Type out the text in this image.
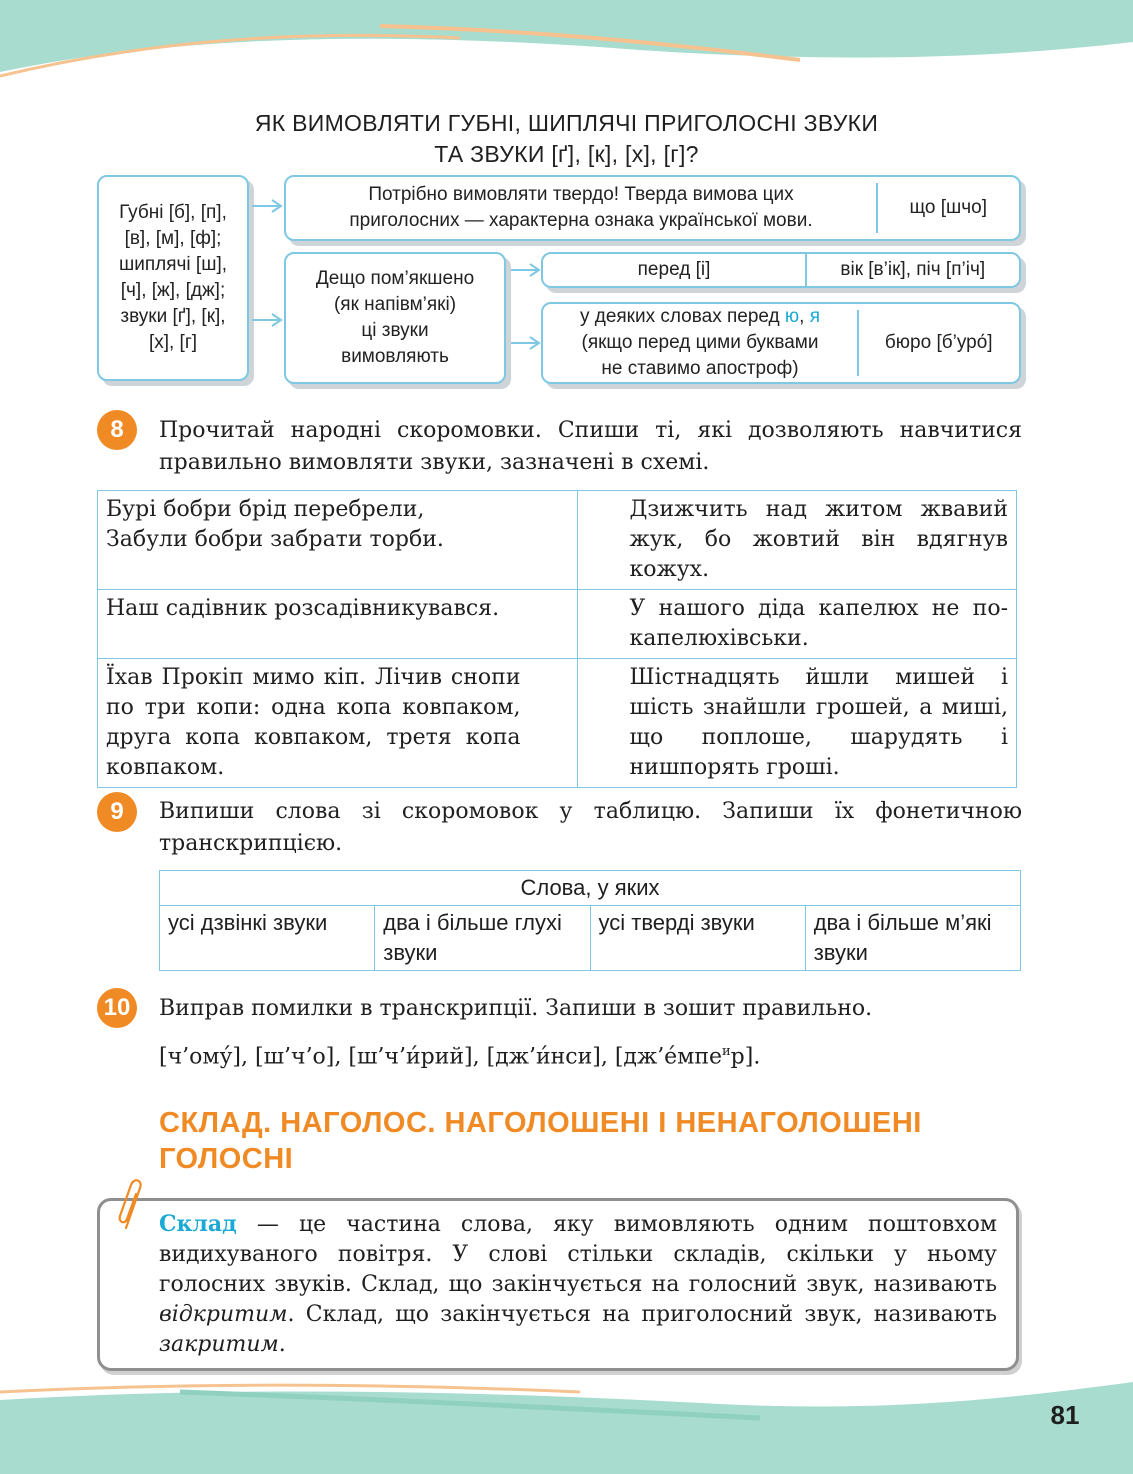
ЯК ВИМОВЛЯТИ ГУБНІ, ШИПЛЯЧІ ПРИГОЛОСНІ ЗВУКИ
ТА ЗВУКИ [ґ], [к], [х], [г]?
Губні [б], [п],
[в], [м], [ф];
шиплячі [ш],
[ч], [ж], [дж];
звуки [ґ], [к],
[х], [г]
Потрібно вимовляти твердо! Тверда вимова цих
приголосних — характерна ознака української мови.
що [шчо]
Дещо пом’якшено
(як напівм’які)
ці звуки
вимовляють
перед [і]	вік [в’ік], піч [п’іч]
у деяких словах перед ю, я
(якщо перед цими буквами
не ставимо апостроф)
бюро [б’уро́]
8	Прочитай народні скоромовки. Спиши ті, які дозволяють навчитися правильно вимовляти звуки, зазначені в схемі.
Бурі бобри брід перебрели,
Забули бобри забрати торби.	Дзижчить над житом жвавий жук, бо жовтий він вдягнув кожух.
Наш садівник розсадівникувався.	У нашого діда капелюх не по-капелюхівськи.
Їхав Прокіп мимо кіп. Лічив снопи по три копи: одна копа ковпаком, друга копа ковпаком, третя копа ковпаком.	Шістнадцять йшли мишей і шість знайшли грошей, а миші, що поплоше, шарудять і нишпорять гроші.
9	Випиши слова зі скоромовок у таблицю. Запиши їх фонетичною транскрипцією.
Слова, у яких
усі дзвінкі звуки	два і більше глухі звуки	усі тверді звуки	два і більше м’які звуки
10	Виправ помилки в транскрипції. Запиши в зошит правильно.
[ч’ому́], [ш’ч’о], [ш’ч’и́рий], [дж’и́нси], [дж’е́мпе$^и$р].
СКЛАД. НАГОЛОС. НАГОЛОШЕНІ І НЕНАГОЛОШЕНІ
ГОЛОСНІ
Склад — це частина слова, яку вимовляють одним поштовхом видихуваного повітря. У слові стільки складів, скільки у ньому голосних звуків. Склад, що закінчується на голосний звук, називають відкритим. Склад, що закінчується на приголосний звук, називають закритим.
81
